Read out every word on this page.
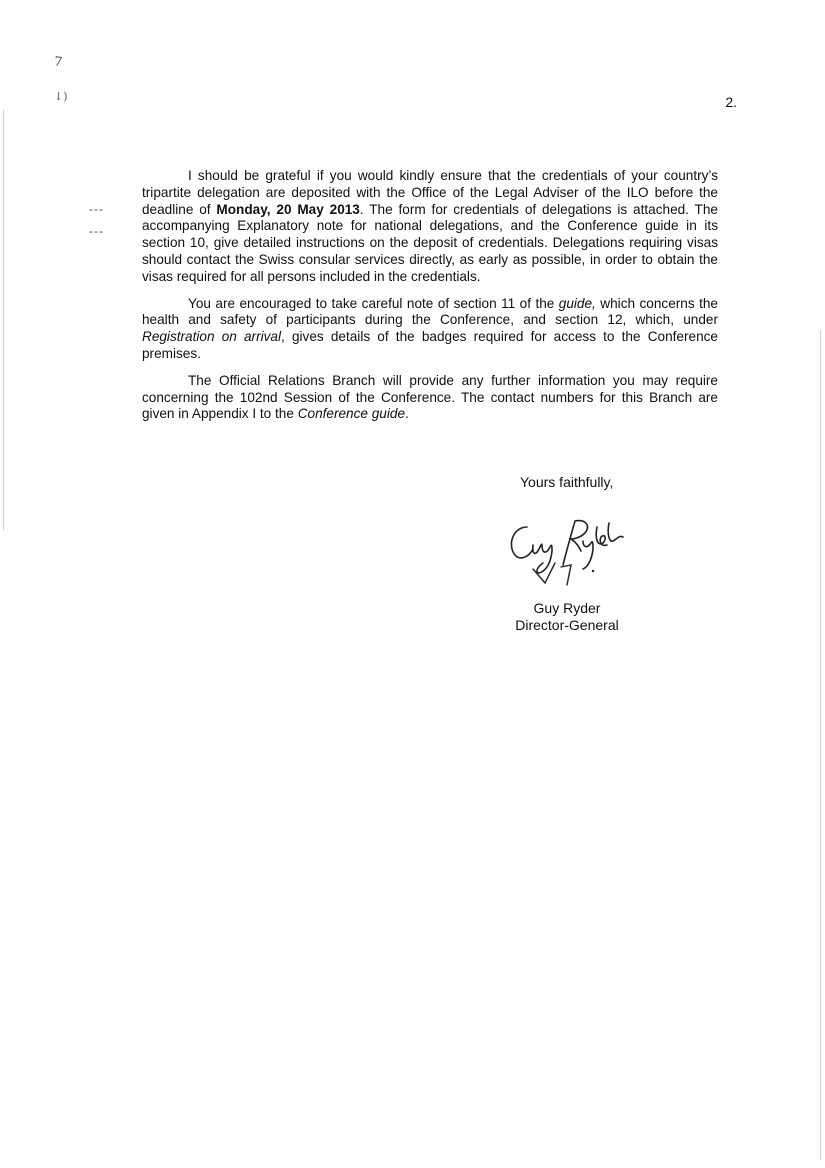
7
↓)	2.
---
---

I should be grateful if you would kindly ensure that the credentials of your country’s tripartite delegation are deposited with the Office of the Legal Adviser of the ILO before the deadline of Monday, 20 May 2013. The form for credentials of delegations is attached. The accompanying Explanatory note for national delegations, and the Conference guide in its section 10, give detailed instructions on the deposit of credentials. Delegations requiring visas should contact the Swiss consular services directly, as early as possible, in order to obtain the visas required for all persons included in the credentials.

You are encouraged to take careful note of section 11 of the guide, which concerns the health and safety of participants during the Conference, and section 12, which, under Registration on arrival, gives details of the badges required for access to the Conference premises.

The Official Relations Branch will provide any further information you may require concerning the 102nd Session of the Conference. The contact numbers for this Branch are given in Appendix I to the Conference guide.

Yours faithfully,
Guy Ryder
Director-General
